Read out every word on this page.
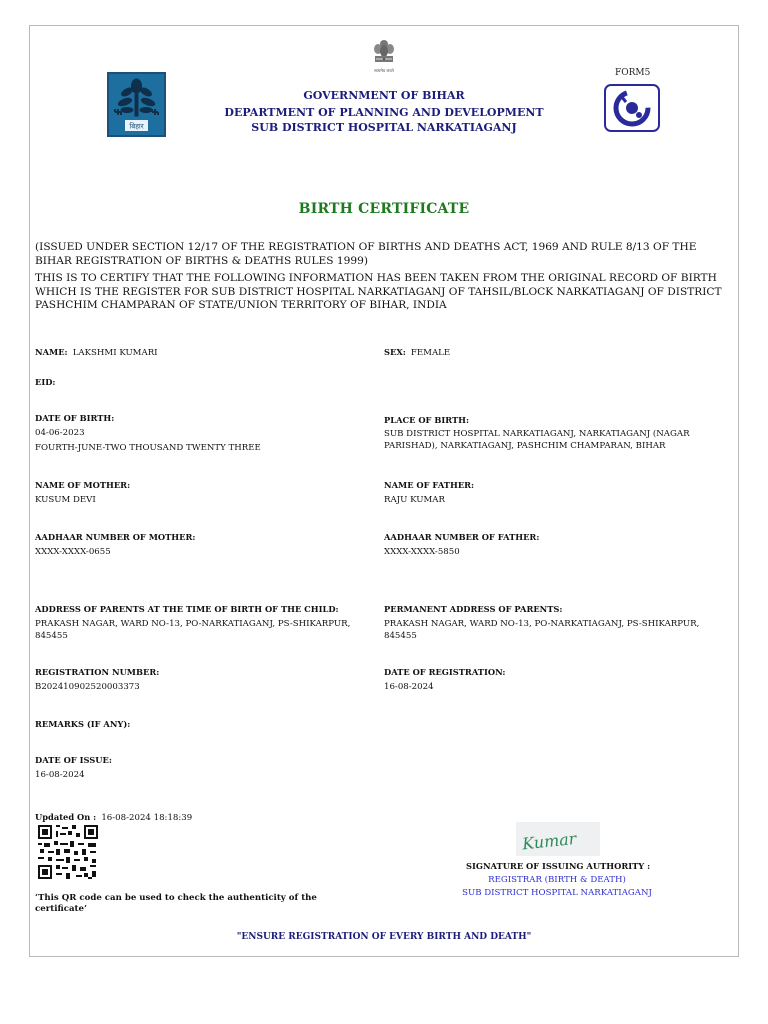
सत्यमेव जयते
बिहार
FORM5
GOVERNMENT OF BIHAR
DEPARTMENT OF PLANNING AND DEVELOPMENT
SUB DISTRICT HOSPITAL NARKATIAGANJ
BIRTH CERTIFICATE
(ISSUED UNDER SECTION 12/17 OF THE REGISTRATION OF BIRTHS AND DEATHS ACT, 1969 AND RULE 8/13 OF THE BIHAR REGISTRATION OF BIRTHS & DEATHS RULES 1999)
THIS IS TO CERTIFY THAT THE FOLLOWING INFORMATION HAS BEEN TAKEN FROM THE ORIGINAL RECORD OF BIRTH WHICH IS THE REGISTER FOR SUB DISTRICT HOSPITAL NARKATIAGANJ OF TAHSIL/BLOCK NARKATIAGANJ OF DISTRICT PASHCHIM CHAMPARAN OF STATE/UNION TERRITORY OF BIHAR, INDIA
NAME: LAKSHMI KUMARI	SEX: FEMALE
EID:
DATE OF BIRTH:
04-06-2023
FOURTH-JUNE-TWO THOUSAND TWENTY THREE
PLACE OF BIRTH:
SUB DISTRICT HOSPITAL NARKATIAGANJ, NARKATIAGANJ (NAGAR PARISHAD), NARKATIAGANJ, PASHCHIM CHAMPARAN, BIHAR
NAME OF MOTHER:
KUSUM DEVI
NAME OF FATHER:
RAJU KUMAR
AADHAAR NUMBER OF MOTHER:
XXXX-XXXX-0655
AADHAAR NUMBER OF FATHER:
XXXX-XXXX-5850
ADDRESS OF PARENTS AT THE TIME OF BIRTH OF THE CHILD:
PRAKASH NAGAR, WARD NO-13, PO-NARKATIAGANJ, PS-SHIKARPUR, 845455
PERMANENT ADDRESS OF PARENTS:
PRAKASH NAGAR, WARD NO-13, PO-NARKATIAGANJ, PS-SHIKARPUR, 845455
REGISTRATION NUMBER:
B202410902520003373
DATE OF REGISTRATION:
16-08-2024
REMARKS (IF ANY):
DATE OF ISSUE:
16-08-2024
Updated On : 16-08-2024 18:18:39
Kumar
SIGNATURE OF ISSUING AUTHORITY :
REGISTRAR (BIRTH & DEATH)
SUB DISTRICT HOSPITAL NARKATIAGANJ
‘This QR code can be used to check the authenticity of the certificate’
"ENSURE REGISTRATION OF EVERY BIRTH AND DEATH"
